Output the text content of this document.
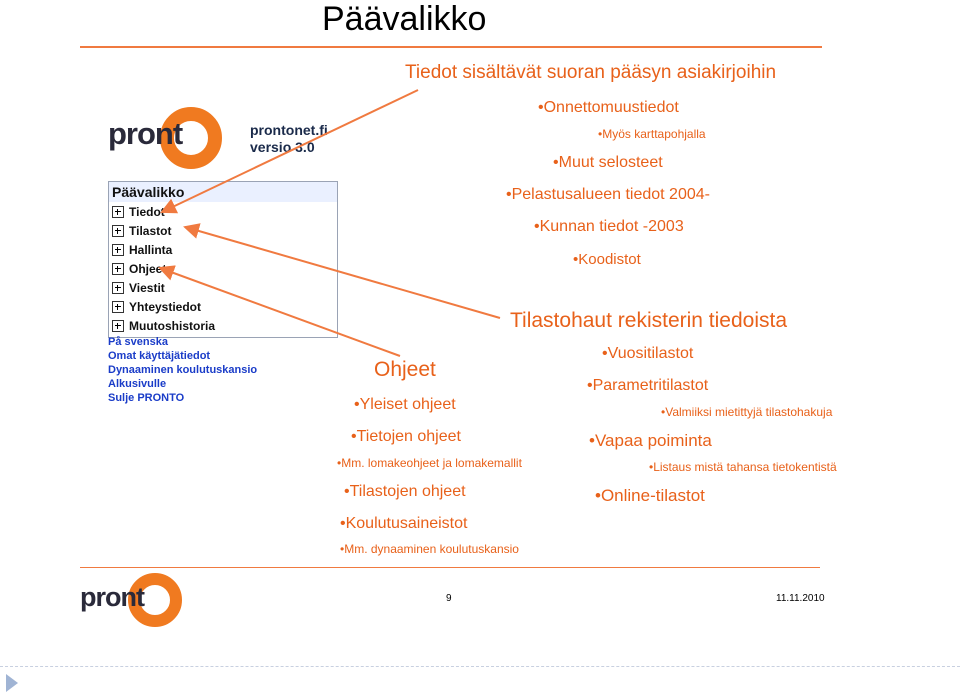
Päävalikko
Tiedot sisältävät suoran pääsyn asiakirjoihin
• Onnettomuustiedot
• Myös karttapohjalla
• Muut selosteet
• Pelastusalueen tiedot 2004-
• Kunnan tiedot -2003
• Koodistot
pront	prontonet.fi
versio 3.0
Päävalikko
Tiedot
Tilastot
Hallinta
Ohjeet
Viestit
Yhteystiedot
Muutoshistoria
På svenska
Omat käyttäjätiedot
Dynaaminen koulutuskansio
Alkusivulle
Sulje PRONTO
Ohjeet
• Yleiset ohjeet
• Tietojen ohjeet
• Mm. lomakeohjeet ja lomakemallit
• Tilastojen ohjeet
• Koulutusaineistot
• Mm. dynaaminen koulutuskansio
Tilastohaut rekisterin tiedoista
• Vuositilastot
• Parametritilastot
• Valmiiksi mietittyjä tilastohakuja
• Vapaa poiminta
• Listaus mistä tahansa tietokentistä
• Online-tilastot
pront	9	11.11.2010
